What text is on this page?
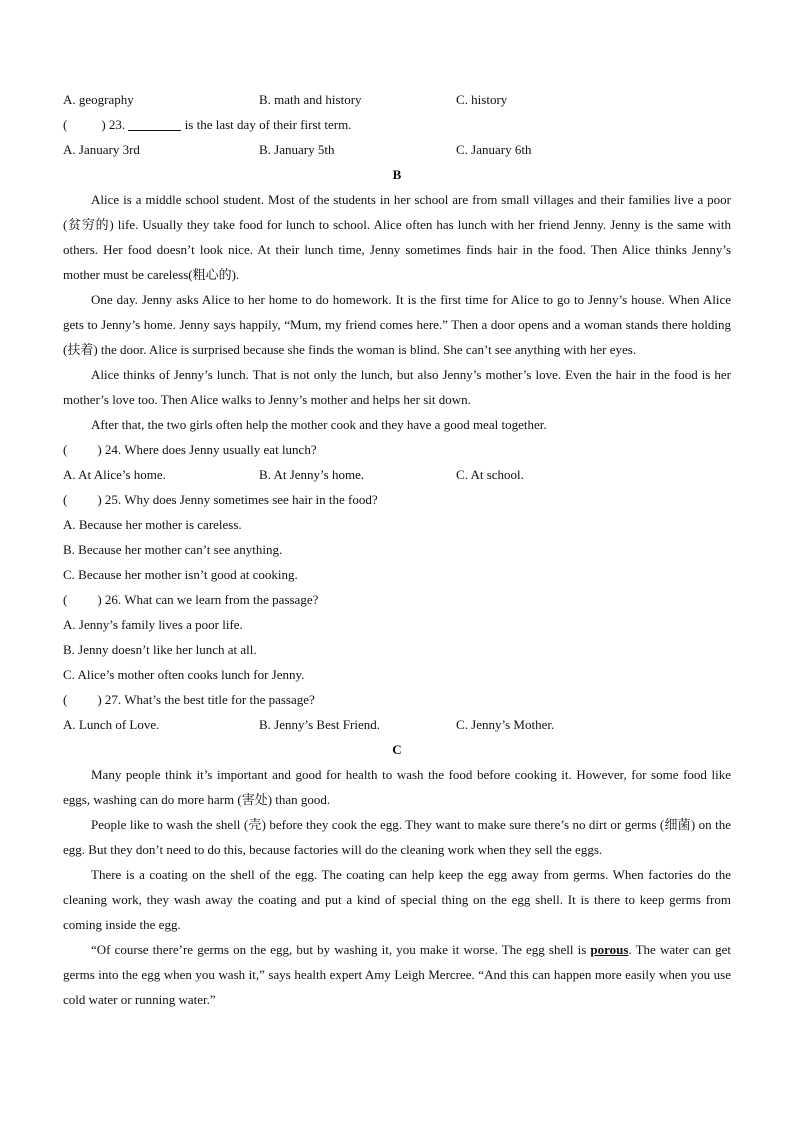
A. geography	B. math and history	C. history
(	) 23.	is the last day of their first term.
A. January 3rd	B. January 5th	C. January 6th
B

Alice is a middle school student. Most of the students in her school are from small villages and their families live a poor (贫穷的) life. Usually they take food for lunch to school. Alice often has lunch with her friend Jenny. Jenny is the same with others. Her food doesn’t look nice. At their lunch time, Jenny sometimes finds hair in the food. Then Alice thinks Jenny’s mother must be careless(粗心的).

One day. Jenny asks Alice to her home to do homework. It is the first time for Alice to go to Jenny’s house. When Alice gets to Jenny’s home. Jenny says happily, “Mum, my friend comes here.” Then a door opens and a woman stands there holding (扶着) the door. Alice is surprised because she finds the woman is blind. She can’t see anything with her eyes.

Alice thinks of Jenny’s lunch. That is not only the lunch, but also Jenny’s mother’s love. Even the hair in the food is her mother’s love too. Then Alice walks to Jenny’s mother and helps her sit down.

After that, the two girls often help the mother cook and they have a good meal together.

( ) 24. Where does Jenny usually eat lunch?
A. At Alice’s home.	B. At Jenny’s home.	C. At school.
( ) 25. Why does Jenny sometimes see hair in the food?
A. Because her mother is careless.
B. Because her mother can’t see anything.
C. Because her mother isn’t good at cooking.
( ) 26. What can we learn from the passage?
A. Jenny’s family lives a poor life.
B. Jenny doesn’t like her lunch at all.
C. Alice’s mother often cooks lunch for Jenny.
( ) 27. What’s the best title for the passage?
A. Lunch of Love.	B. Jenny’s Best Friend.	C. Jenny’s Mother.
C

Many people think it’s important and good for health to wash the food before cooking it. However, for some food like eggs, washing can do more harm (害处) than good.

People like to wash the shell (壳) before they cook the egg. They want to make sure there’s no dirt or germs (细菌) on the egg. But they don’t need to do this, because factories will do the cleaning work when they sell the eggs.

There is a coating on the shell of the egg. The coating can help keep the egg away from germs. When factories do the cleaning work, they wash away the coating and put a kind of special thing on the egg shell. It is there to keep germs from coming inside the egg.

“Of course there’re germs on the egg, but by washing it, you make it worse. The egg shell is porous. The water can get germs into the egg when you wash it,” says health expert Amy Leigh Mercree. “And this can happen more easily when you use cold water or running water.”
